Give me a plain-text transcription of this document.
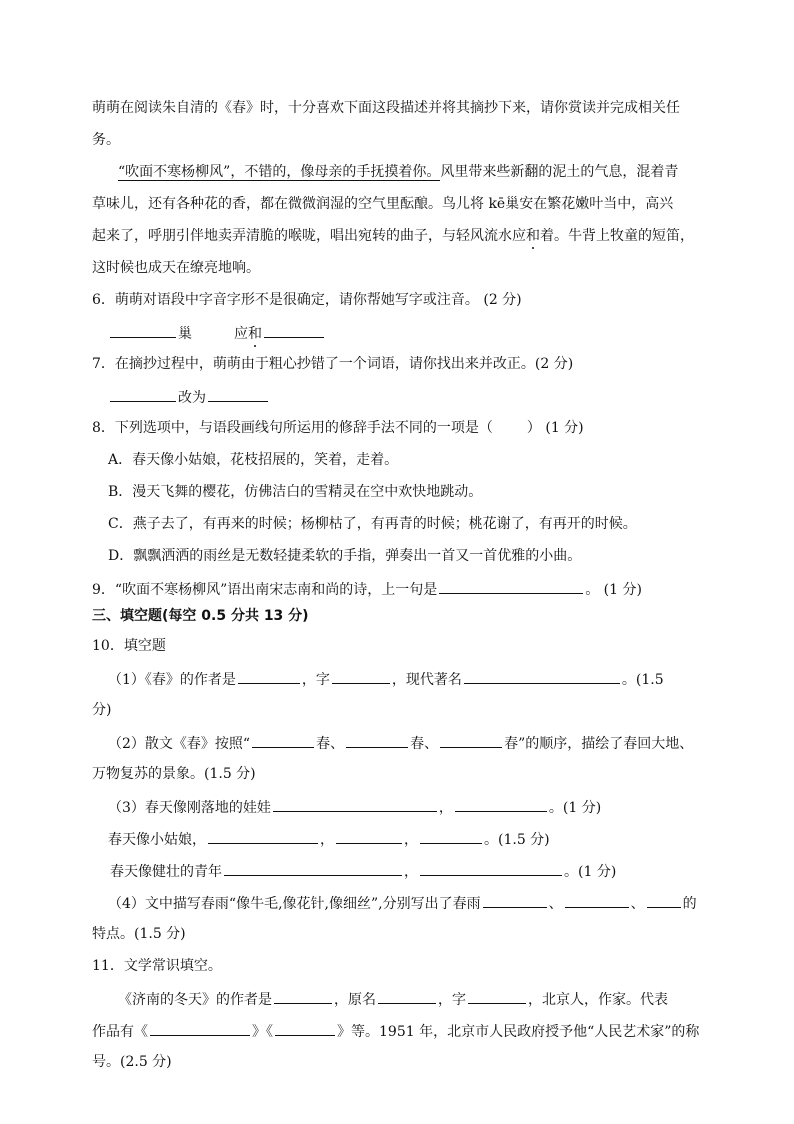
萌萌在阅读朱自清的《春》时，十分喜欢下面这段描述并将其摘抄下来，请你赏读并完成相关任
务。
“吹面不寒杨柳风”，不错的，像母亲的手抚摸着你。风里带来些新翻的泥土的气息，混着青
草味儿，还有各种花的香，都在微微润湿的空气里酝酿。鸟儿将 kē巢安在繁花嫩叶当中，高兴
起来了，呼朋引伴地卖弄清脆的喉咙，唱出宛转的曲子，与轻风流水应和着。牛背上牧童的短笛，
这时候也成天在缭亮地响。
6．萌萌对语段中字音字形不是很确定，请你帮她写字或注音。 (2 分)
巢	应和
7．在摘抄过程中，萌萌由于粗心抄错了一个词语，请你找出来并改正。(2 分)
改为
8．下列选项中，与语段画线句所运用的修辞手法不同的一项是（ ） (1 分)
A．春天像小姑娘，花枝招展的，笑着，走着。
B．漫天飞舞的樱花，仿佛洁白的雪精灵在空中欢快地跳动。
C．燕子去了，有再来的时候；杨柳枯了，有再青的时候；桃花谢了，有再开的时候。
D．飘飘洒洒的雨丝是无数轻捷柔软的手指，弹奏出一首又一首优雅的小曲。
9．“吹面不寒杨柳风”语出南宋志南和尚的诗，上一句是	。 (1 分)
三、填空题(每空 0.5 分共 13 分)
10．填空题
（1）《春》的作者是	，字	，现代著名	。(1.5
分)
（2）散文《春》按照“	春、	春、	春”的顺序，描绘了春回大地、
万物复苏的景象。(1.5 分)
（3）春天像刚落地的娃娃	，	。(1 分)
春天像小姑娘，	，	，	。(1.5 分)
春天像健壮的青年	，	。(1 分)
（4）文中描写春雨“像牛毛,像花针,像细丝”,分别写出了春雨	、	、	的
特点。(1.5 分)
11．文学常识填空。
《济南的冬天》的作者是	，原名	，字	，北京人，作家。代表
作品有《	》《	》等。1951 年，北京市人民政府授予他“人民艺术家”的称
号。(2.5 分)
